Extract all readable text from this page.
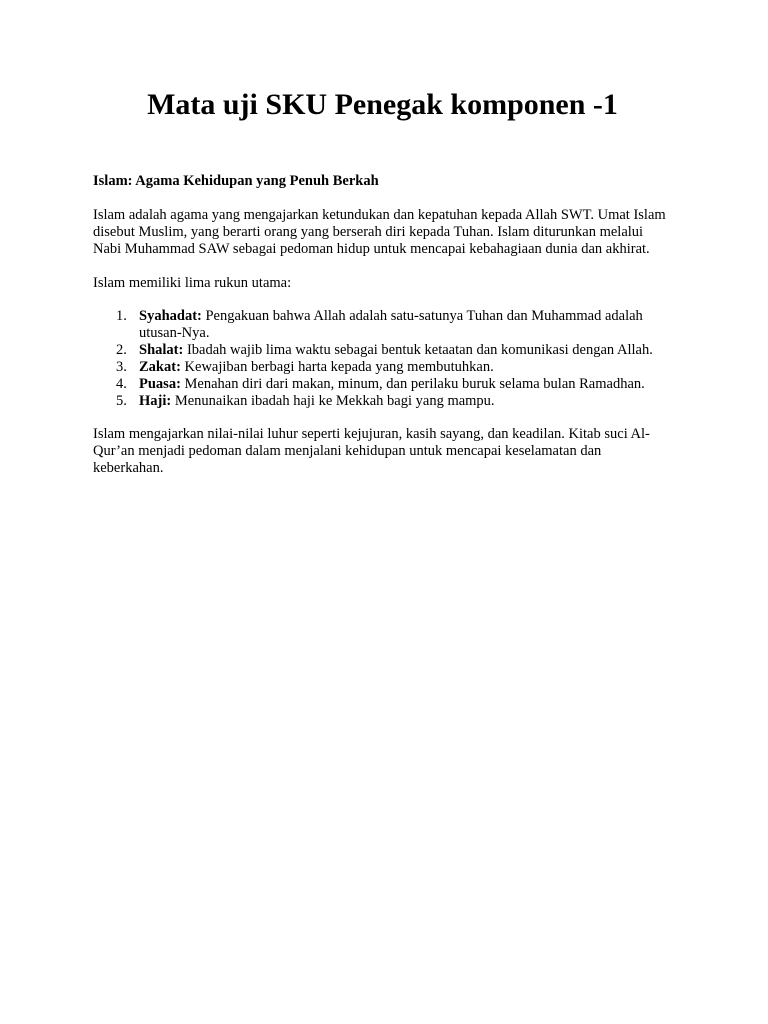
Mata uji SKU Penegak komponen -1

Islam: Agama Kehidupan yang Penuh Berkah

Islam adalah agama yang mengajarkan ketundukan dan kepatuhan kepada Allah SWT. Umat Islam disebut Muslim, yang berarti orang yang berserah diri kepada Tuhan. Islam diturunkan melalui Nabi Muhammad SAW sebagai pedoman hidup untuk mencapai kebahagiaan dunia dan akhirat.

Islam memiliki lima rukun utama:

1. Syahadat: Pengakuan bahwa Allah adalah satu-satunya Tuhan dan Muhammad adalah utusan-Nya.
2. Shalat: Ibadah wajib lima waktu sebagai bentuk ketaatan dan komunikasi dengan Allah.
3. Zakat: Kewajiban berbagi harta kepada yang membutuhkan.
4. Puasa: Menahan diri dari makan, minum, dan perilaku buruk selama bulan Ramadhan.
5. Haji: Menunaikan ibadah haji ke Mekkah bagi yang mampu.

Islam mengajarkan nilai-nilai luhur seperti kejujuran, kasih sayang, dan keadilan. Kitab suci Al-Qur’an menjadi pedoman dalam menjalani kehidupan untuk mencapai keselamatan dan keberkahan.
